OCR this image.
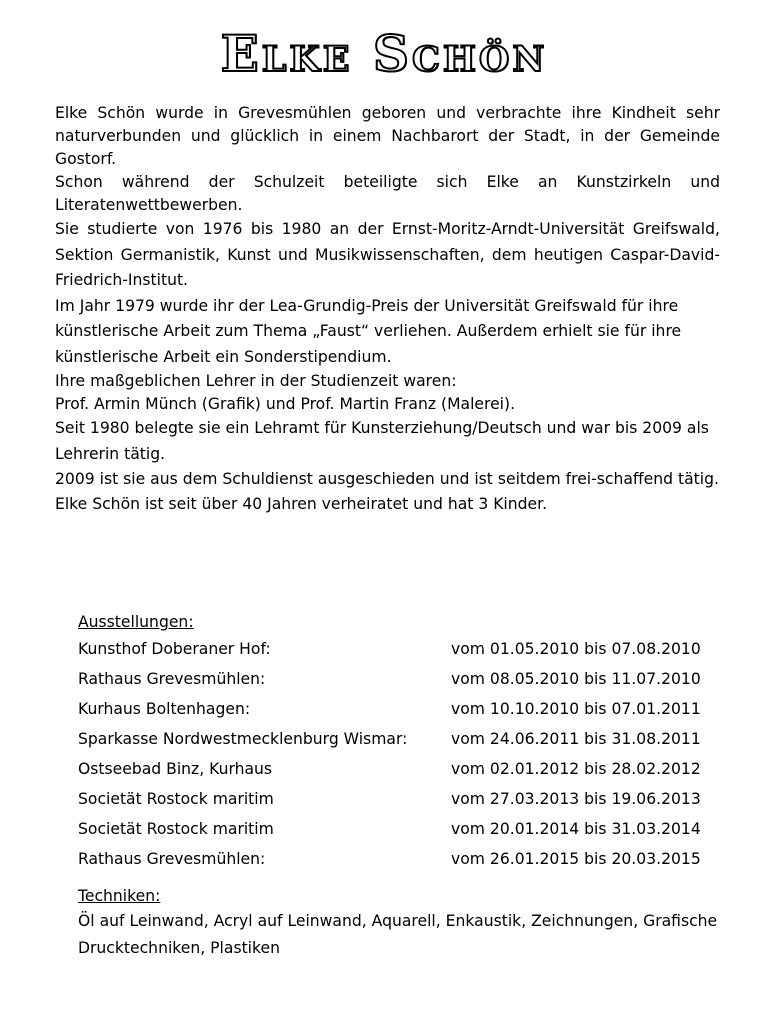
Elke Schön

Elke Schön wurde in Grevesmühlen geboren und verbrachte ihre Kindheit sehr naturverbunden und glücklich in einem Nachbarort der Stadt, in der Gemeinde Gostorf.

Schon während der Schulzeit beteiligte sich Elke an Kunstzirkeln und Literatenwettbewerben.

Sie studierte von 1976 bis 1980 an der Ernst-Moritz-Arndt-Universität Greifswald, Sektion Germanistik, Kunst und Musikwissenschaften, dem heutigen Caspar-David-Friedrich-Institut.

Im Jahr 1979 wurde ihr der Lea-Grundig-Preis der Universität Greifswald für ihre künstlerische Arbeit zum Thema „Faust“ verliehen. Außerdem erhielt sie für ihre künstlerische Arbeit ein Sonderstipendium.

Ihre maßgeblichen Lehrer in der Studienzeit waren:

Prof. Armin Münch (Grafik) und Prof. Martin Franz (Malerei).

Seit 1980 belegte sie ein Lehramt für Kunsterziehung/Deutsch und war bis 2009 als Lehrerin tätig.

2009 ist sie aus dem Schuldienst ausgeschieden und ist seitdem frei-schaffend tätig.

Elke Schön ist seit über 40 Jahren verheiratet und hat 3 Kinder.

Ausstellungen:

Kunsthof Doberaner Hof:	vom 01.05.2010 bis 07.08.2010
Rathaus Grevesmühlen:	vom 08.05.2010 bis 11.07.2010
Kurhaus Boltenhagen:	vom 10.10.2010 bis 07.01.2011
Sparkasse Nordwestmecklenburg Wismar:	vom 24.06.2011 bis 31.08.2011
Ostseebad Binz, Kurhaus	vom 02.01.2012 bis 28.02.2012
Societät Rostock maritim	vom 27.03.2013 bis 19.06.2013
Societät Rostock maritim	vom 20.01.2014 bis 31.03.2014
Rathaus Grevesmühlen:	vom 26.01.2015 bis 20.03.2015

Techniken:

Öl auf Leinwand, Acryl auf Leinwand, Aquarell, Enkaustik, Zeichnungen, Grafische Drucktechniken, Plastiken
